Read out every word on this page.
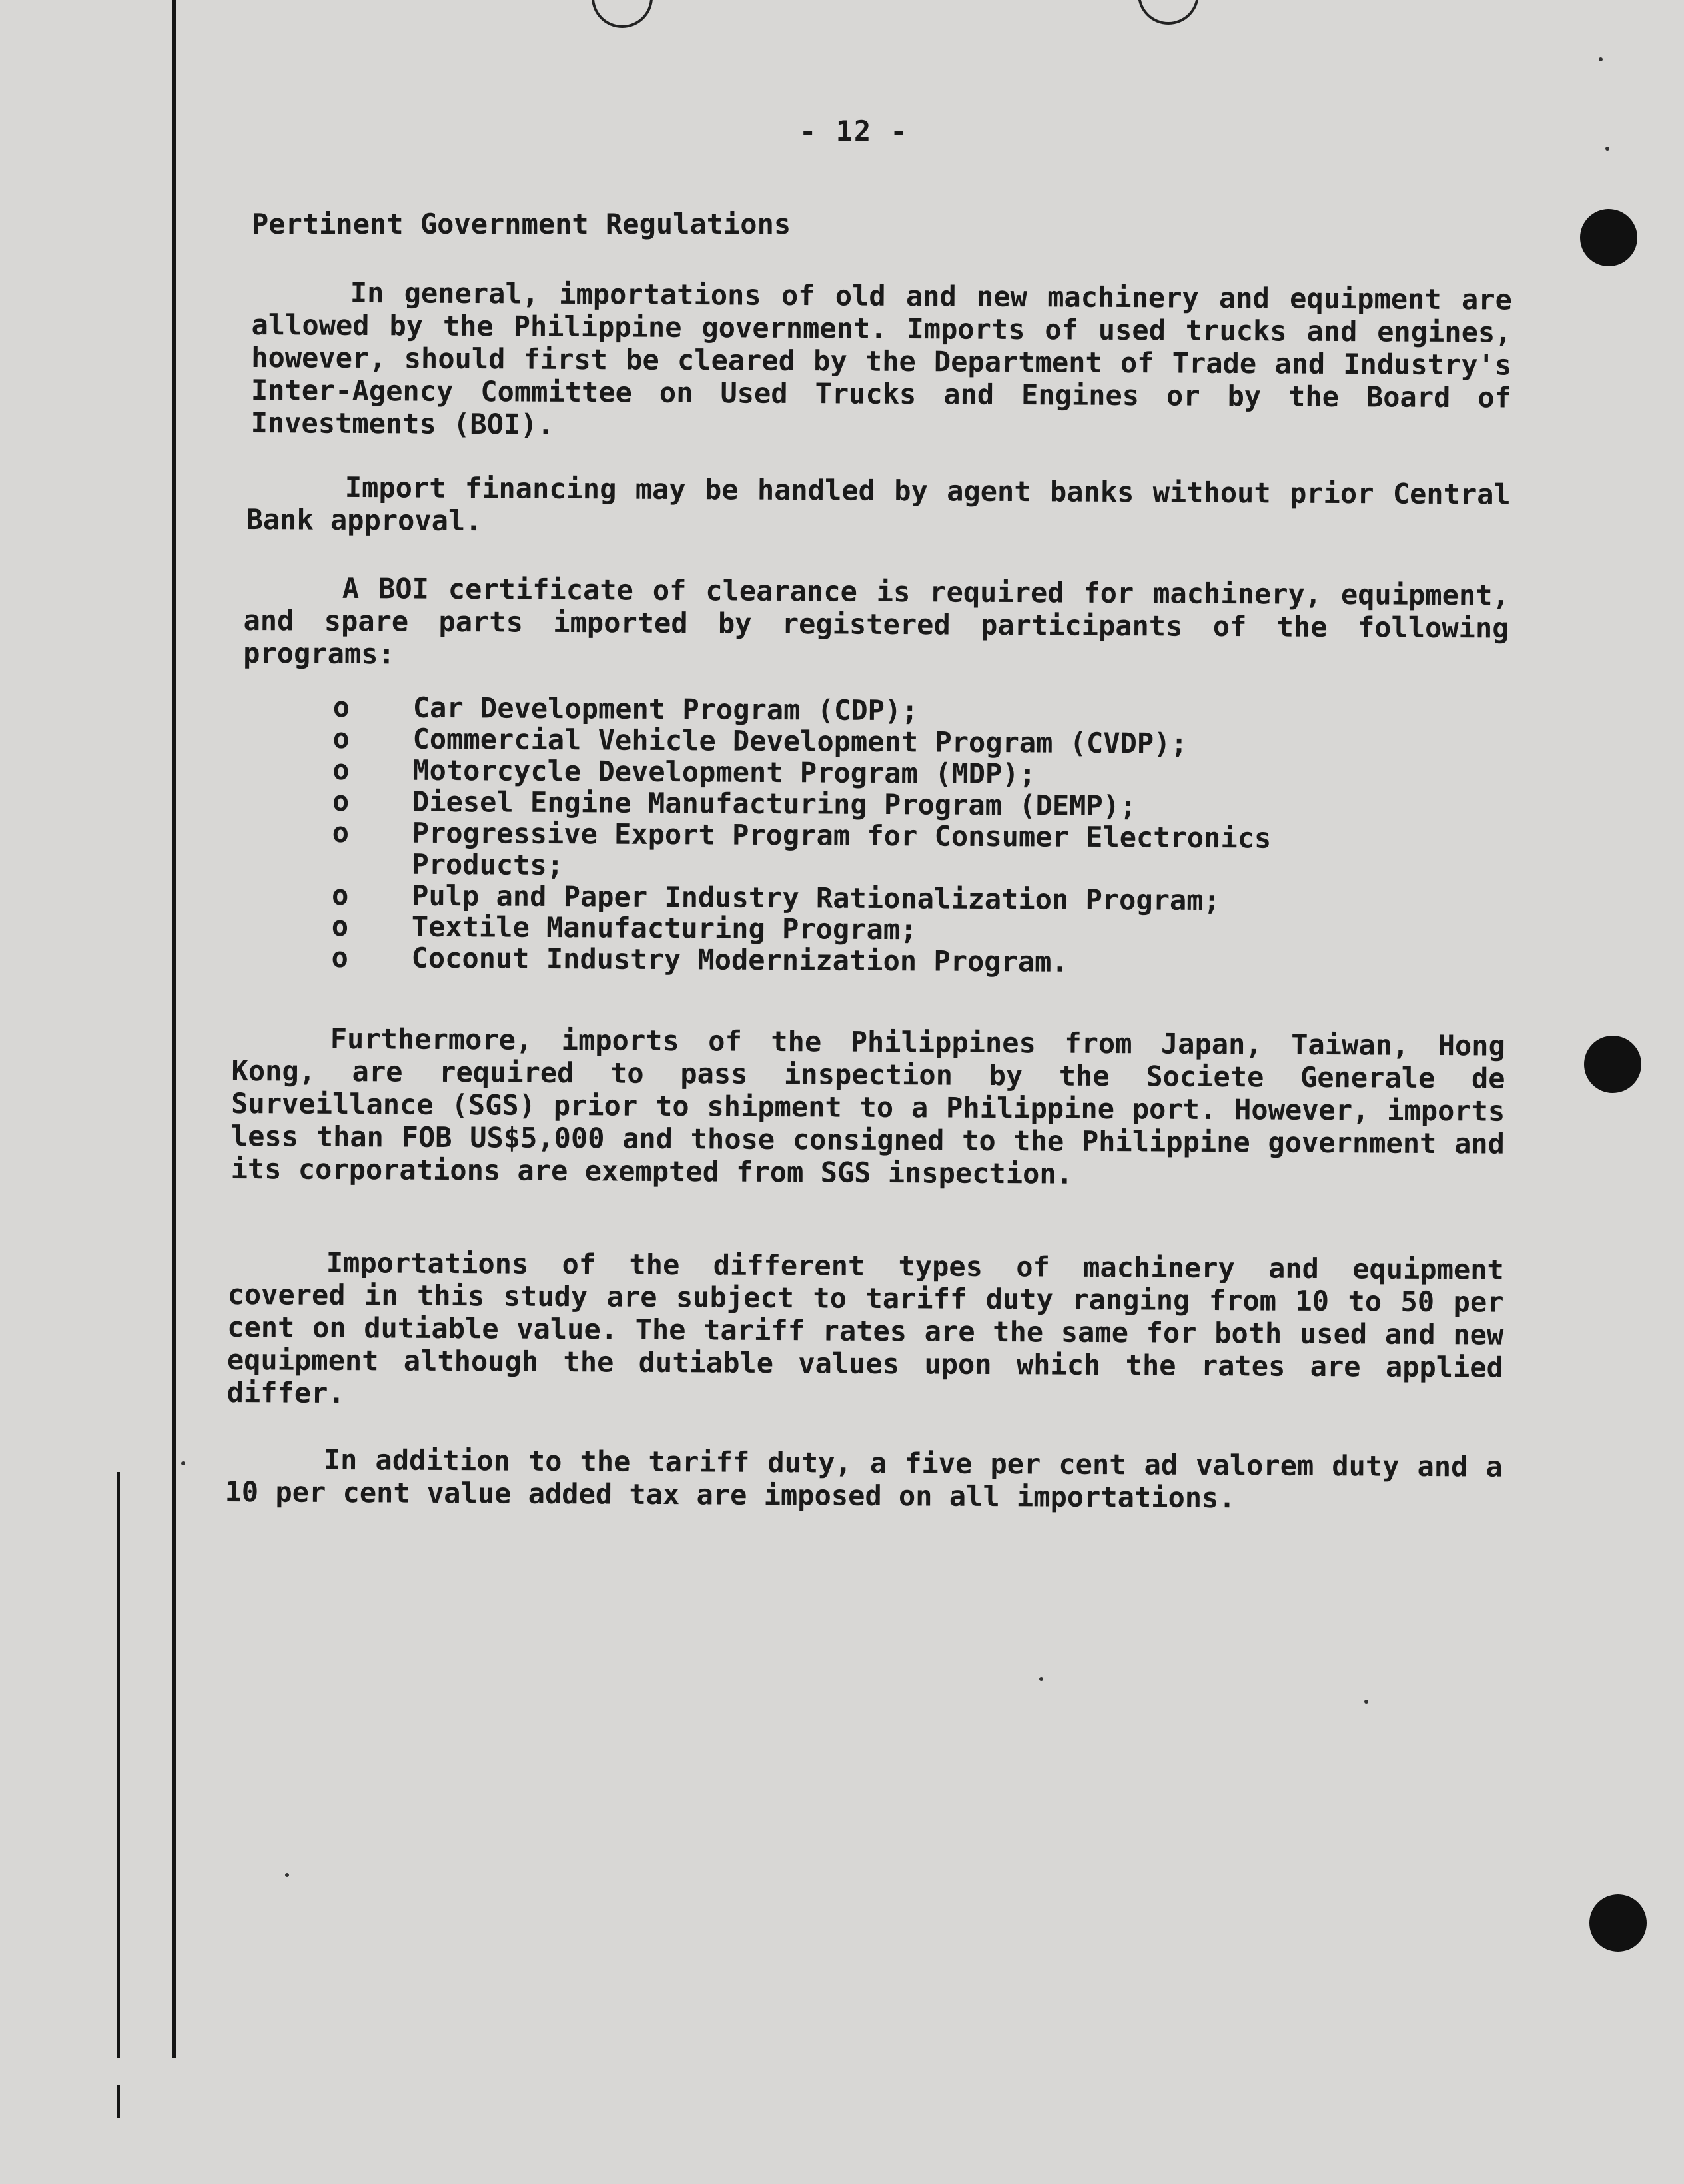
- 12 -
Pertinent Government Regulations
In general, importations of old and new machinery and equipment are allowed by the Philippine government. Imports of used trucks and engines, however, should first be cleared by the Department of Trade and Industry's Inter-Agency Committee on Used Trucks and Engines or by the Board of Investments (BOI).
Import financing may be handled by agent banks without prior Central Bank approval.
A BOI certificate of clearance is required for machinery, equipment, and spare parts imported by registered participants of the following programs:
o Car Development Program (CDP);
o Commercial Vehicle Development Program (CVDP);
o Motorcycle Development Program (MDP);
o Diesel Engine Manufacturing Program (DEMP);
o Progressive Export Program for Consumer Electronics Products;
o Pulp and Paper Industry Rationalization Program;
o Textile Manufacturing Program;
o Coconut Industry Modernization Program.
Furthermore, imports of the Philippines from Japan, Taiwan, Hong Kong, are required to pass inspection by the Societe Generale de Surveillance (SGS) prior to shipment to a Philippine port. However, imports less than FOB US$5,000 and those consigned to the Philippine government and its corporations are exempted from SGS inspection.
Importations of the different types of machinery and equipment covered in this study are subject to tariff duty ranging from 10 to 50 per cent on dutiable value. The tariff rates are the same for both used and new equipment although the dutiable values upon which the rates are applied differ.
In addition to the tariff duty, a five per cent ad valorem duty and a 10 per cent value added tax are imposed on all importations.
